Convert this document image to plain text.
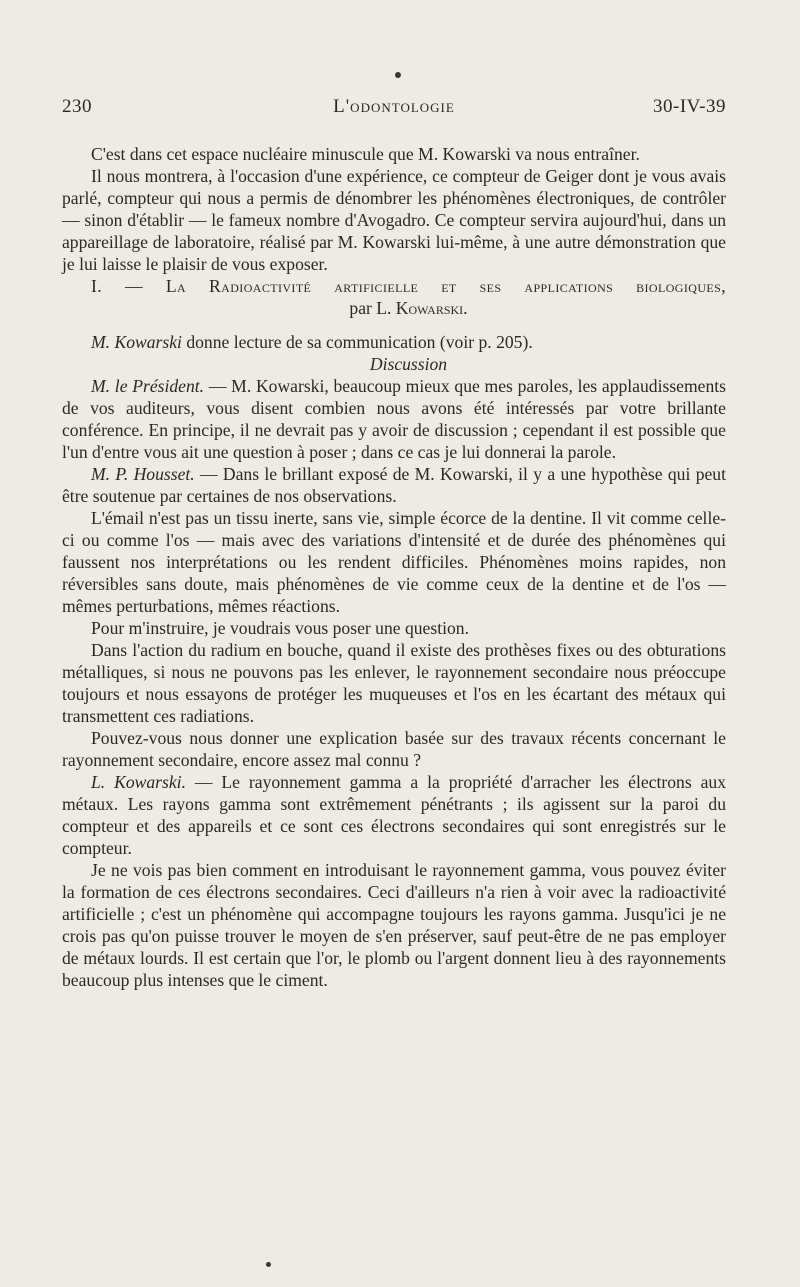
230	L'odontologie	30-IV-39

C'est dans cet espace nucléaire minuscule que M. Kowarski va nous entraîner.

Il nous montrera, à l'occasion d'une expérience, ce compteur de Geiger dont je vous avais parlé, compteur qui nous a permis de dénombrer les phénomènes électroniques, de contrôler — sinon d'établir — le fameux nombre d'Avogadro. Ce compteur servira aujourd'hui, dans un appareillage de laboratoire, réalisé par M. Kowarski lui-même, à une autre démonstration que je lui laisse le plaisir de vous exposer.

I. — La Radioactivité artificielle et ses applications biologiques,

par L. Kowarski.

M. Kowarski donne lecture de sa communication (voir p. 205).

Discussion

M. le Président. — M. Kowarski, beaucoup mieux que mes paroles, les applaudissements de vos auditeurs, vous disent combien nous avons été intéressés par votre brillante conférence. En principe, il ne devrait pas y avoir de discussion ; cependant il est possible que l'un d'entre vous ait une question à poser ; dans ce cas je lui donnerai la parole.

M. P. Housset. — Dans le brillant exposé de M. Kowarski, il y a une hypothèse qui peut être soutenue par certaines de nos observations.

L'émail n'est pas un tissu inerte, sans vie, simple écorce de la dentine. Il vit comme celle-ci ou comme l'os — mais avec des variations d'intensité et de durée des phénomènes qui faussent nos interprétations ou les rendent difficiles. Phénomènes moins rapides, non réversibles sans doute, mais phénomènes de vie comme ceux de la dentine et de l'os — mêmes perturbations, mêmes réactions.

Pour m'instruire, je voudrais vous poser une question.

Dans l'action du radium en bouche, quand il existe des prothèses fixes ou des obturations métalliques, si nous ne pouvons pas les enlever, le rayonnement secondaire nous préoccupe toujours et nous essayons de protéger les muqueuses et l'os en les écartant des métaux qui transmettent ces radiations.

Pouvez-vous nous donner une explication basée sur des travaux récents concernant le rayonnement secondaire, encore assez mal connu ?

L. Kowarski. — Le rayonnement gamma a la propriété d'arracher les électrons aux métaux. Les rayons gamma sont extrêmement pénétrants ; ils agissent sur la paroi du compteur et des appareils et ce sont ces électrons secondaires qui sont enregistrés sur le compteur.

Je ne vois pas bien comment en introduisant le rayonnement gamma, vous pouvez éviter la formation de ces électrons secondaires. Ceci d'ailleurs n'a rien à voir avec la radioactivité artificielle ; c'est un phénomène qui accompagne toujours les rayons gamma. Jusqu'ici je ne crois pas qu'on puisse trouver le moyen de s'en préserver, sauf peut-être de ne pas employer de métaux lourds. Il est certain que l'or, le plomb ou l'argent donnent lieu à des rayonnements beaucoup plus intenses que le ciment.
